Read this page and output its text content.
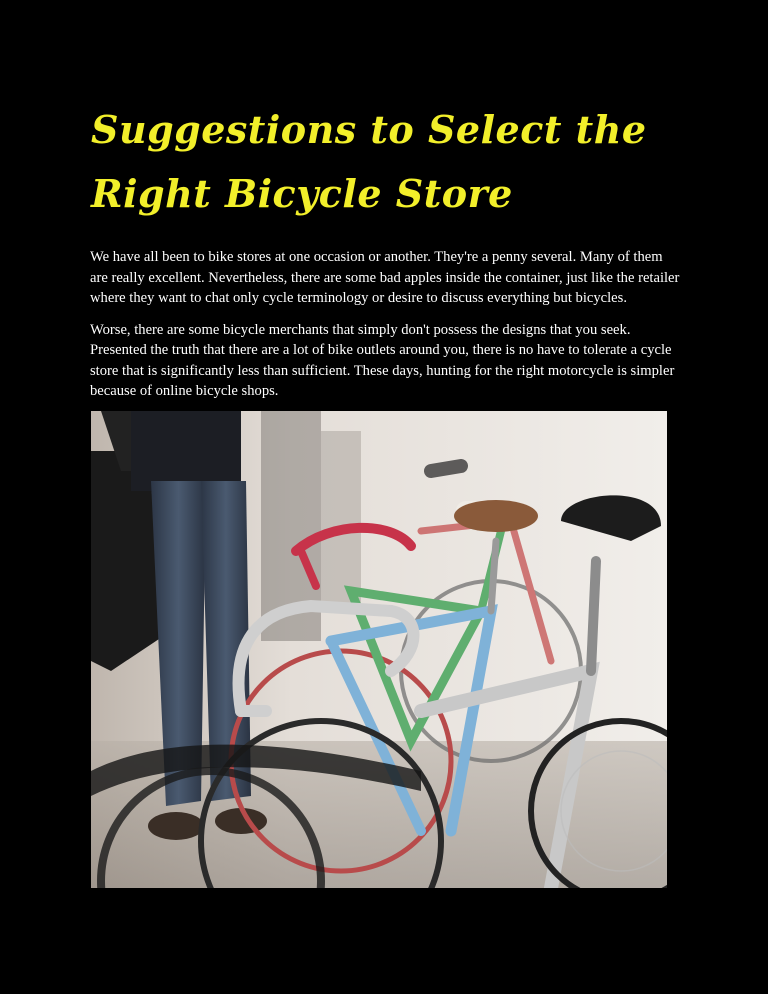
Suggestions to Select the
Right Bicycle Store

We have all been to bike stores at one occasion or another. They're a penny several. Many of them are really excellent. Nevertheless, there are some bad apples inside the container, just like the retailer where they want to chat only cycle terminology or desire to discuss everything but bicycles.

Worse, there are some bicycle merchants that simply don't possess the designs that you seek. Presented the truth that there are a lot of bike outlets around you, there is no have to tolerate a cycle store that is significantly less than sufficient. These days, hunting for the right motorcycle is simpler because of online bicycle shops.
